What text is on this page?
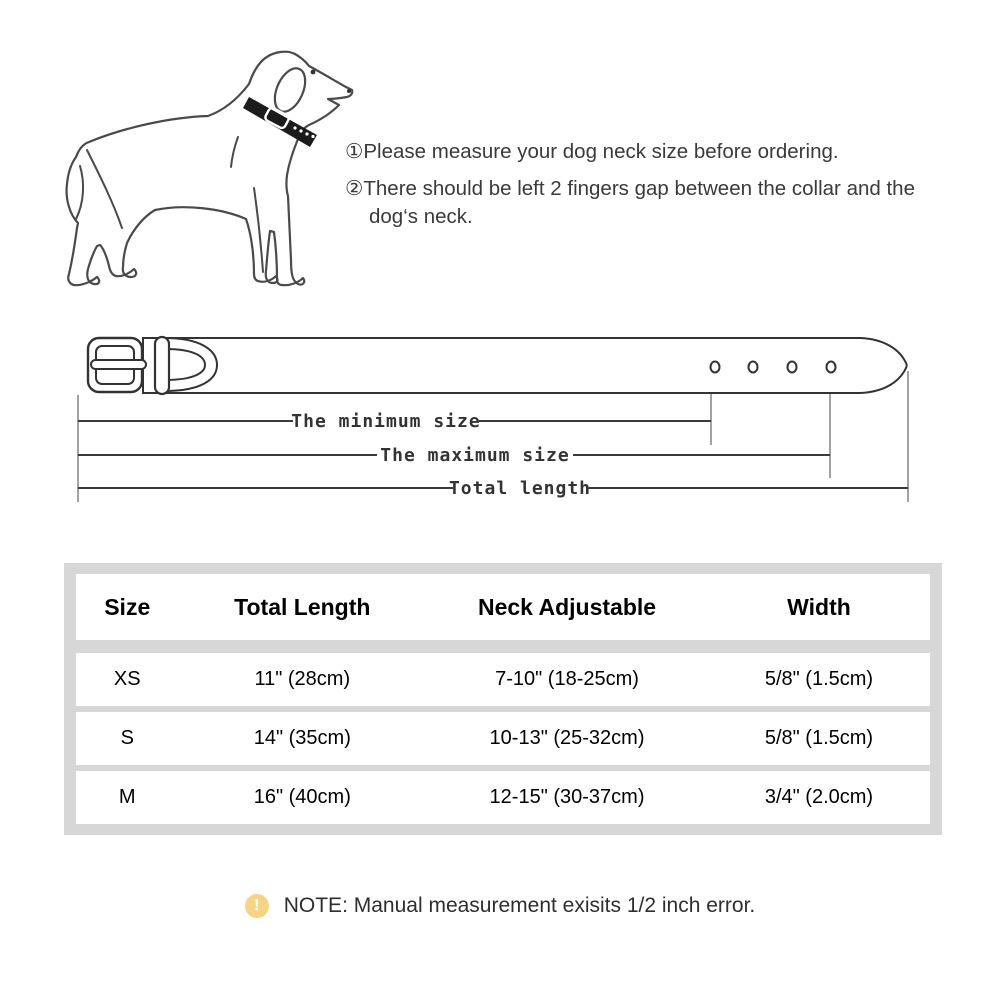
①Please measure your dog neck size before ordering.

②There should be left 2 fingers gap between the collar and the dog‘s neck.

The minimum size
The maximum size
Total length
Size	Total Length	Neck Adjustable	Width
XS	11" (28cm)	7-10" (18-25cm)	5/8" (1.5cm)
S	14" (35cm)	10-13" (25-32cm)	5/8" (1.5cm)
M	16" (40cm)	12-15" (30-37cm)	3/4" (2.0cm)
!	NOTE: Manual measurement exisits 1/2 inch error.
